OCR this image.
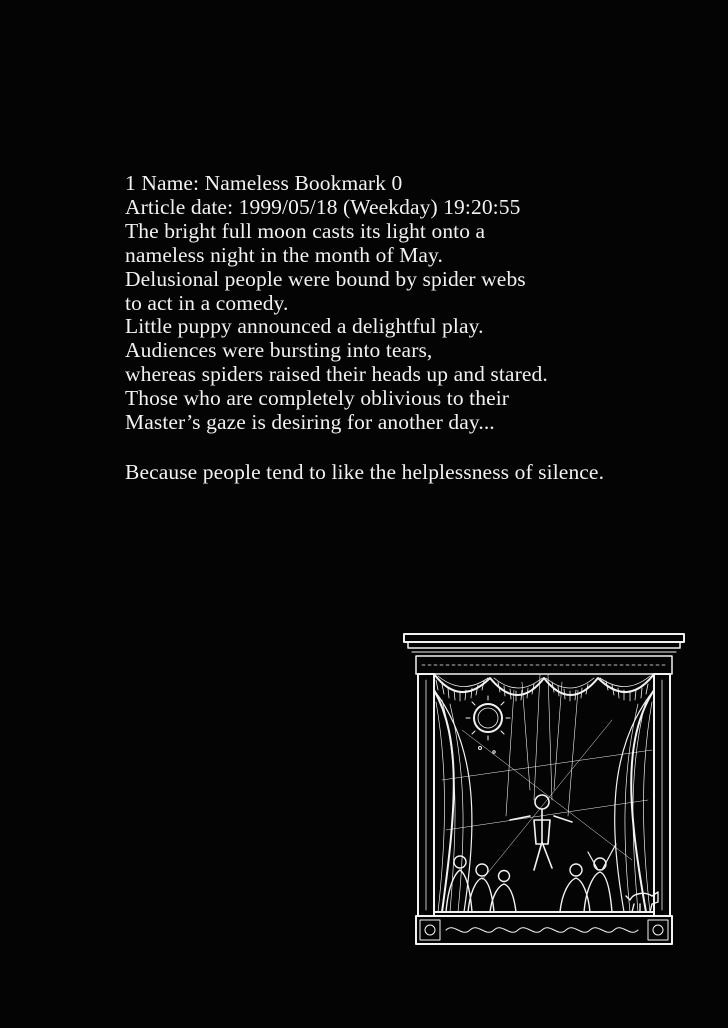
1 Name: Nameless Bookmark 0
Article date: 1999/05/18 (Weekday) 19:20:55
The bright full moon casts its light onto a
nameless night in the month of May.
Delusional people were bound by spider webs
to act in a comedy.
Little puppy announced a delightful play.
Audiences were bursting into tears,
whereas spiders raised their heads up and stared.
Those who are completely oblivious to their
Master’s gaze is desiring for another day...
Because people tend to like the helplessness of silence.
